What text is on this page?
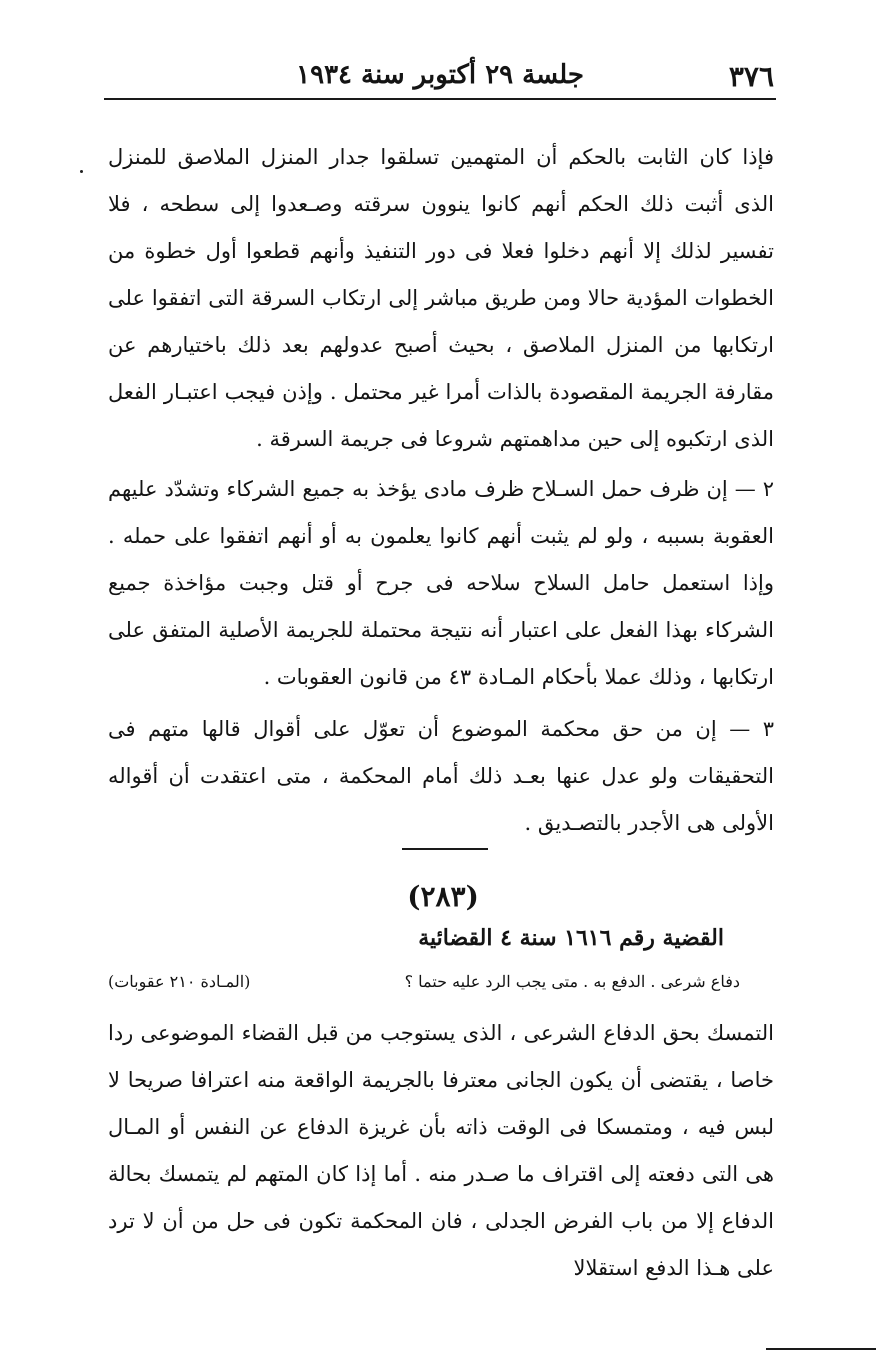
٣٧٦
جلسة ٢٩ أكتوبر سنة ١٩٣٤

فإذا كان الثابت بالحكم أن المتهمين تسلقوا جدار المنزل الملاصق للمنزل الذى أثبت ذلك الحكم أنهم كانوا ينوون سرقته وصـعدوا إلى سطحه ، فلا تفسير لذلك إلا أنهم دخلوا فعلا فى دور التنفيذ وأنهم قطعوا أول خطوة من الخطوات المؤدية حالا ومن طريق مباشر إلى ارتكاب السرقة التى اتفقوا على ارتكابها من المنزل الملاصق ، بحيث أصبح عدولهم بعد ذلك باختيارهم عن مقارفة الجريمة المقصودة بالذات أمرا غير محتمل . وإذن فيجب اعتبـار الفعل الذى ارتكبوه إلى حين مداهمتهم شروعا فى جريمة السرقة .

٢ — إن ظرف حمل السـلاح ظرف مادى يؤخذ به جميع الشركاء وتشدّد عليهم العقوبة بسببه ، ولو لم يثبت أنهم كانوا يعلمون به أو أنهم اتفقوا على حمله . وإذا استعمل حامل السلاح سلاحه فى جرح أو قتل وجبت مؤاخذة جميع الشركاء بهذا الفعل على اعتبار أنه نتيجة محتملة للجريمة الأصلية المتفق على ارتكابها ، وذلك عملا بأحكام المـادة ٤٣ من قانون العقوبات .

٣ — إن من حق محكمة الموضوع أن تعوّل على أقوال قالها متهم فى التحقيقات ولو عدل عنها بعـد ذلك أمام المحكمة ، متى اعتقدت أن أقواله الأولى هى الأجدر بالتصـديق .

(٢٨٣)
القضية رقم ١٦١٦ سنة ٤ القضائية
دفاع شرعى . الدفع به . متى يجب الرد عليه حتما ؟
(المـادة ٢١٠ عقوبات)

التمسك بحق الدفاع الشرعى ، الذى يستوجب من قبل القضاء الموضوعى ردا خاصا ، يقتضى أن يكون الجانى معترفا بالجريمة الواقعة منه اعترافا صريحا لا لبس فيه ، ومتمسكا فى الوقت ذاته بأن غريزة الدفاع عن النفس أو المـال هى التى دفعته إلى اقتراف ما صـدر منه . أما إذا كان المتهم لم يتمسك بحالة الدفاع إلا من باب الفرض الجدلى ، فان المحكمة تكون فى حل من أن لا ترد على هـذا الدفع استقلالا
